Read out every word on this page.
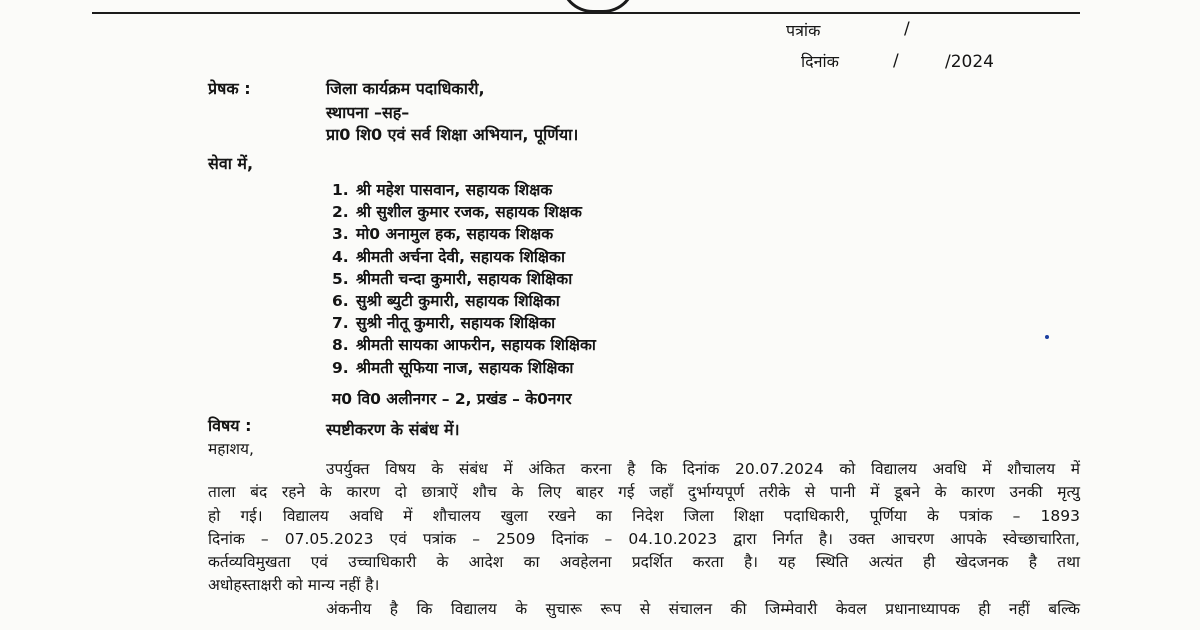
पत्रांक	/
दिनांक	/	/2024
प्रेषक :	जिला कार्यक्रम पदाधिकारी,
स्थापना –सह–
प्रा0 शि0 एवं सर्व शिक्षा अभियान, पूर्णिया।
सेवा में,
1. श्री महेश पासवान, सहायक शिक्षक
2. श्री सुशील कुमार रजक, सहायक शिक्षक
3. मो0 अनामुल हक, सहायक शिक्षक
4. श्रीमती अर्चना देवी, सहायक शिक्षिका
5. श्रीमती चन्दा कुमारी, सहायक शिक्षिका
6. सुश्री ब्युटी कुमारी, सहायक शिक्षिका
7. सुश्री नीतू कुमारी, सहायक शिक्षिका
8. श्रीमती सायका आफरीन, सहायक शिक्षिका
9. श्रीमती सूफिया नाज, सहायक शिक्षिका
म0 वि0 अलीनगर – 2, प्रखंड – के0नगर
विषय :	स्पष्टीकरण के संबंध में।
महाशय,
उपर्युक्त विषय के संबंध में अंकित करना है कि दिनांक 20.07.2024 को विद्यालय अवधि में शौचालय में
ताला बंद रहने के कारण दो छात्राऐं शौच के लिए बाहर गई जहाँ दुर्भाग्यपूर्ण तरीके से पानी में डूबने के कारण उनकी मृत्यु
हो गई। विद्यालय अवधि में शौचालय खुला रखने का निदेश जिला शिक्षा पदाधिकारी, पूर्णिया के पत्रांक – 1893
दिनांक – 07.05.2023 एवं पत्रांक – 2509 दिनांक – 04.10.2023 द्वारा निर्गत है। उक्त आचरण आपके स्वेच्छाचारिता,
कर्तव्यविमुखता एवं उच्चाधिकारी के आदेश का अवहेलना प्रदर्शित करता है। यह स्थिति अत्यंत ही खेदजनक है तथा
अधोहस्ताक्षरी को मान्य नहीं है।
अंकनीय है कि विद्यालय के सुचारू रूप से संचालन की जिम्मेवारी केवल प्रधानाध्यापक ही नहीं बल्कि
